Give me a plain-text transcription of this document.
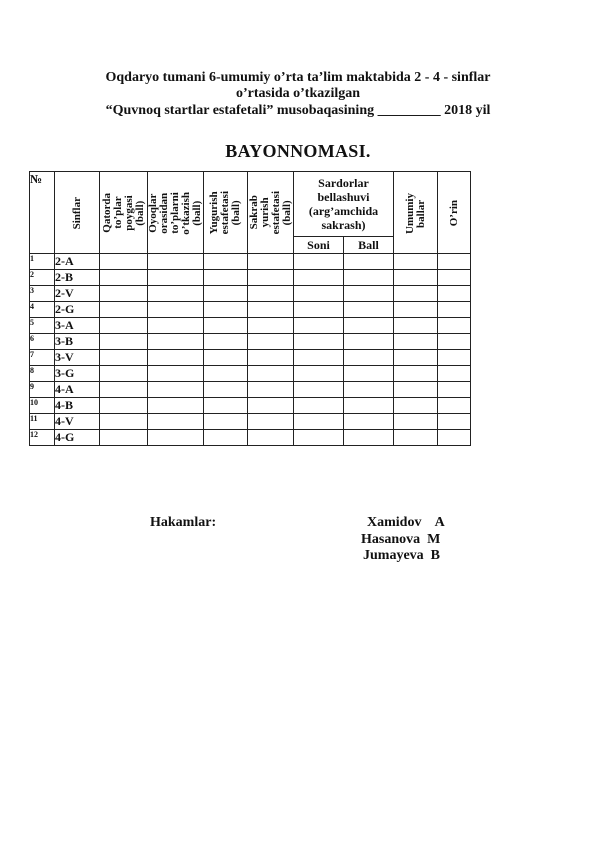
Oqdaryo tumani 6-umumiy o’rta ta’lim maktabida 2 - 4 - sinflar
o’rtasida o’tkazilgan
“Quvnoq startlar estafetali” musobaqasining _________ 2018 yil
BAYONNOMASI.
№	Sinflar	Qatorda
to’plar
poygasi
(ball)	Oyoqlar
orasidan
to’plarni
o’tkazish
(ball)	Yugurish
estafetasi
(ball)	Sakrab
yurish
estafetasi
(ball)	Sardorlar
bellashuvi
(arg’amchida
sakrash)		Umumiy
ballar	O’rin

						Soni	Ball		
1	2-A								
2	2-B								
3	2-V								
4	2-G								
5	3-A								
6	3-B								
7	3-V								
8	3-G								
9	4-A								
10	4-B								
11	4-V								
12	4-G								
Hakamlar:	Xamidov    A
Hasanova  M
Jumayeva  B
